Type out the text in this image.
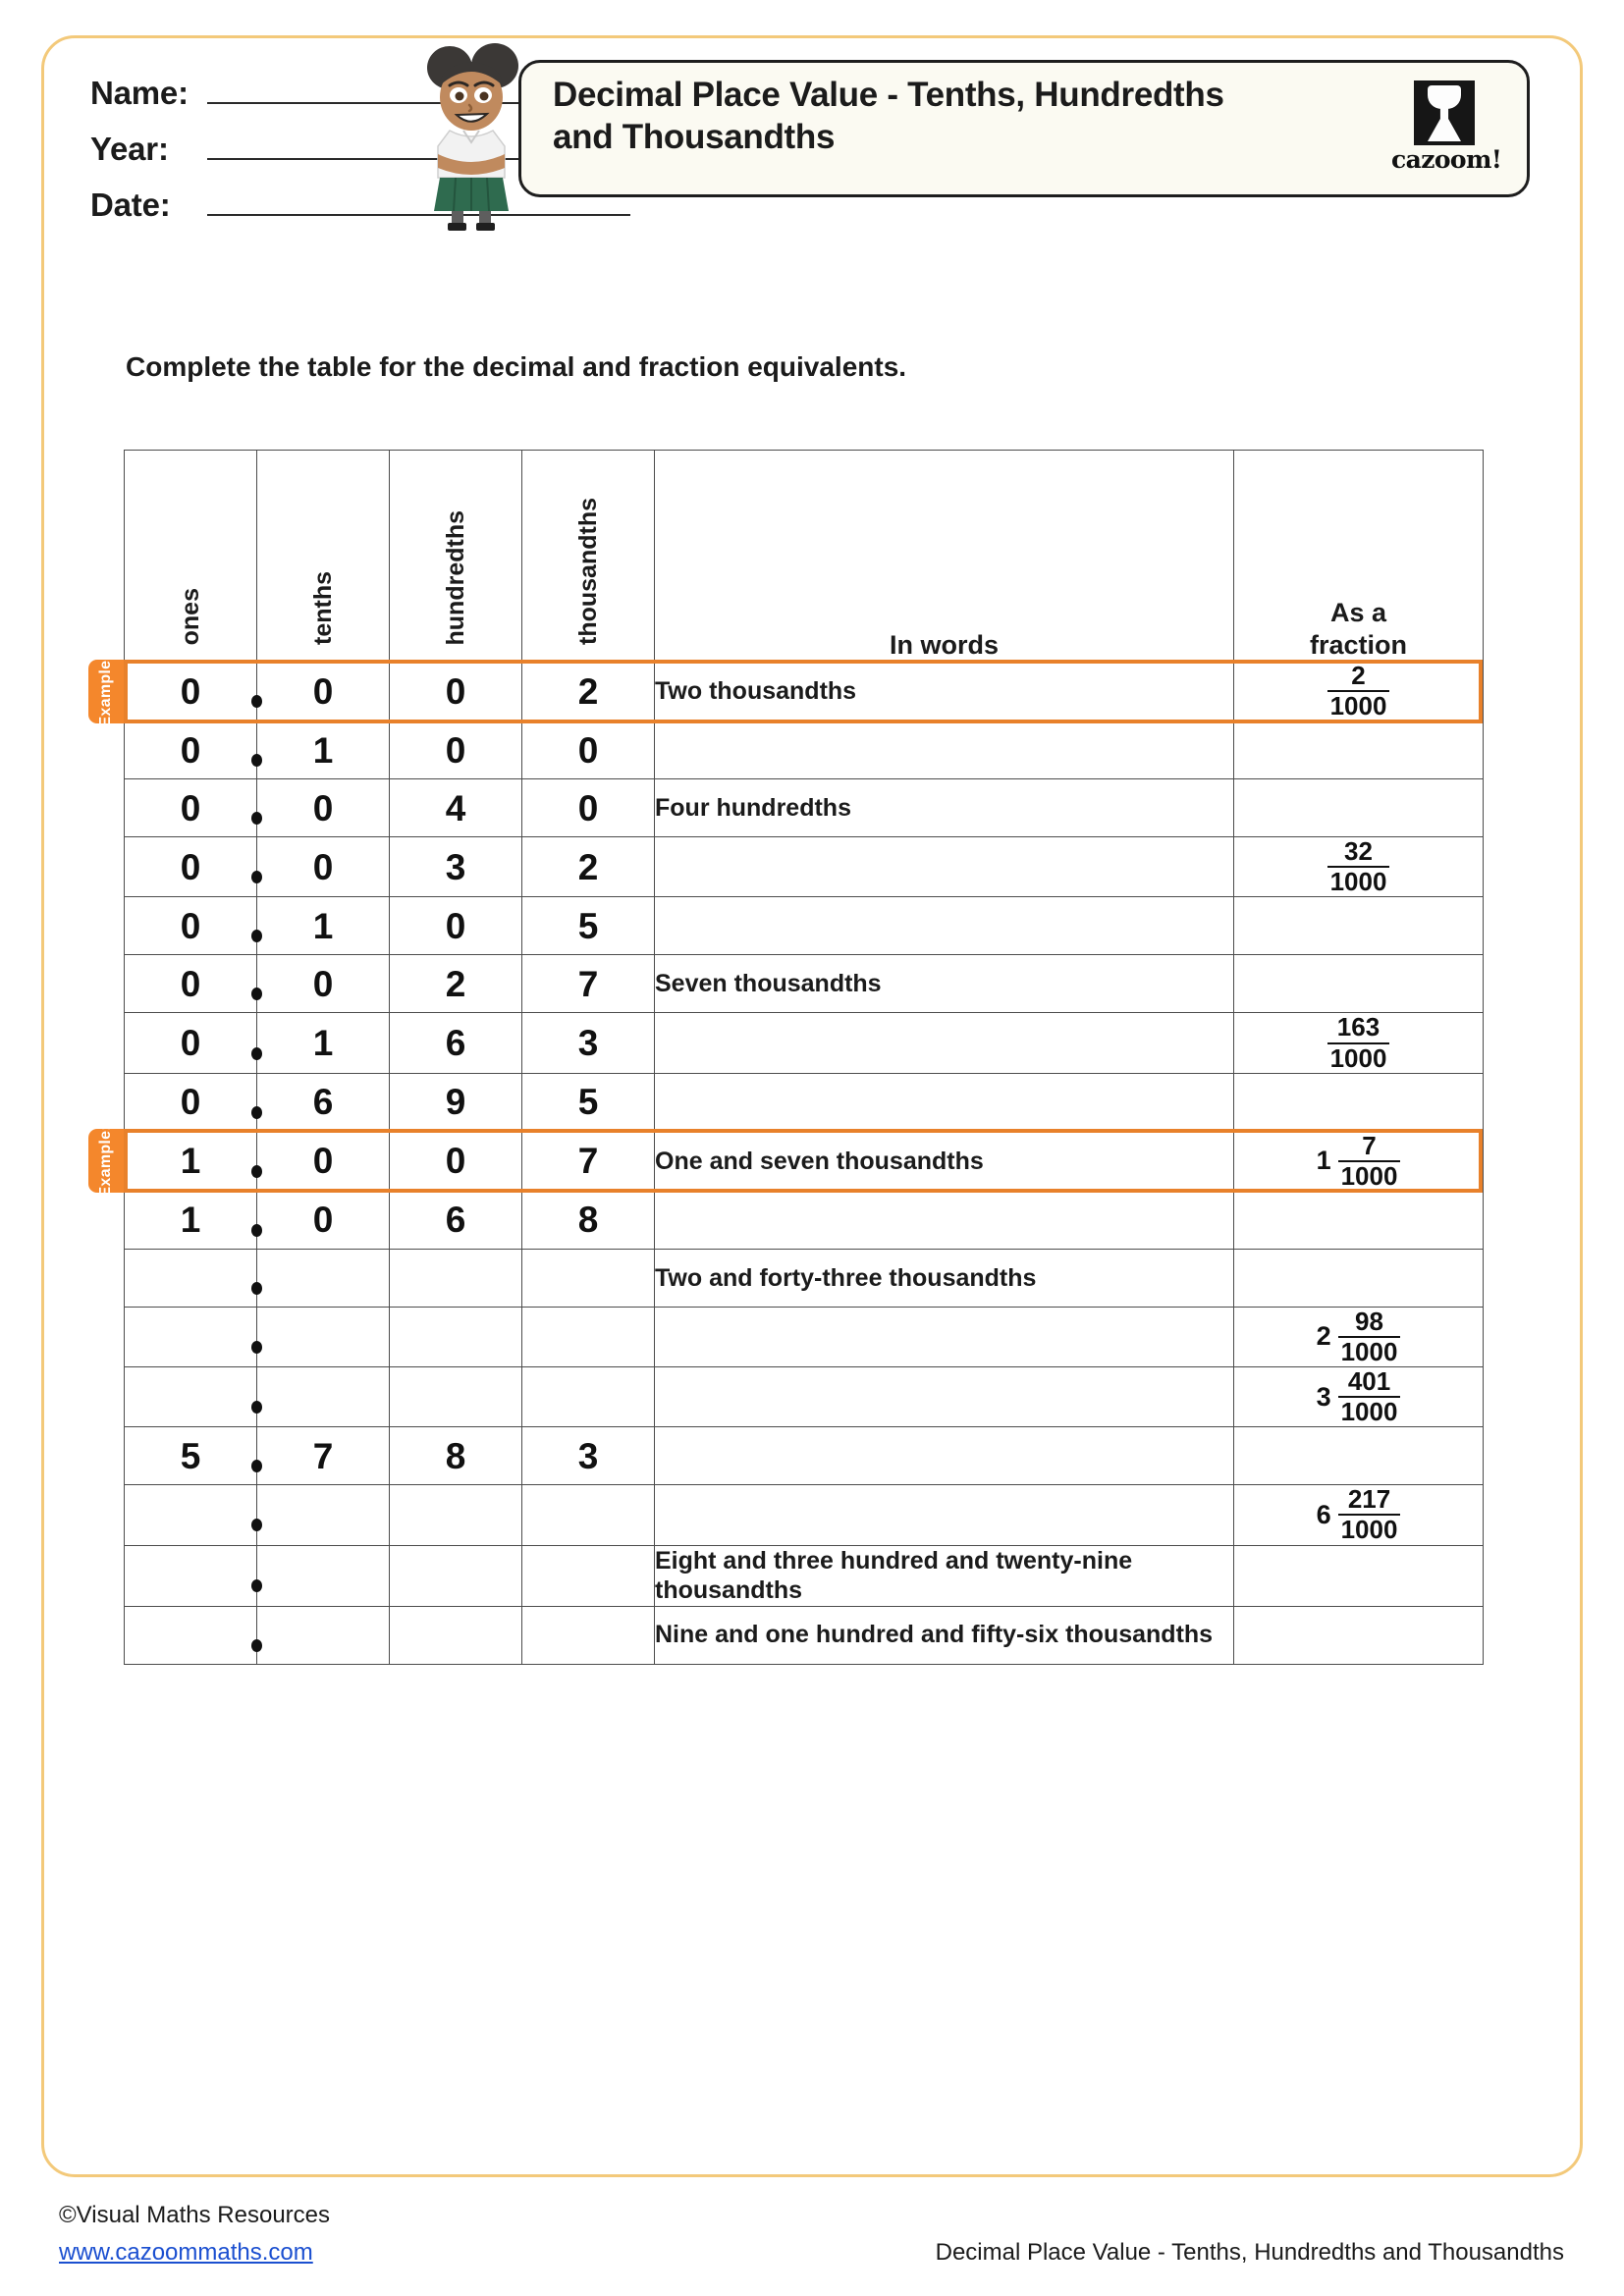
Name:
Year:
Date:
Decimal Place Value - Tenths, Hundredths and Thousandths
cazoom!
Complete the table for the decimal and fraction equivalents.
ones	tenths	hundredths	thousandths	In words	As a
fraction
0	0	0	2	Two thousandths	$\frac{2}{1000}$

0	1	0	0		
0	0	4	0	Four hundredths	
0	0	3	2		$\frac{32}{1000}$

0	1	0	5		
0	0	2	7	Seven thousandths	
0	1	6	3		$\frac{163}{1000}$

0	6	9	5		
1	0	0	7	One and seven thousandths	$1 \frac{7}{1000}$

1	0	6	8		

				Two and forty-three thousandths	

					$2 \frac{98}{1000}$

					$3 \frac{401}{1000}$

5	7	8	3		

					$6 \frac{217}{1000}$

				Eight and three hundred and twenty-nine thousandths	

				Nine and one hundred and fifty-six thousandths	
Example:
Example:
©Visual Maths Resources
www.cazoommaths.com	Decimal Place Value - Tenths, Hundredths and Thousandths
